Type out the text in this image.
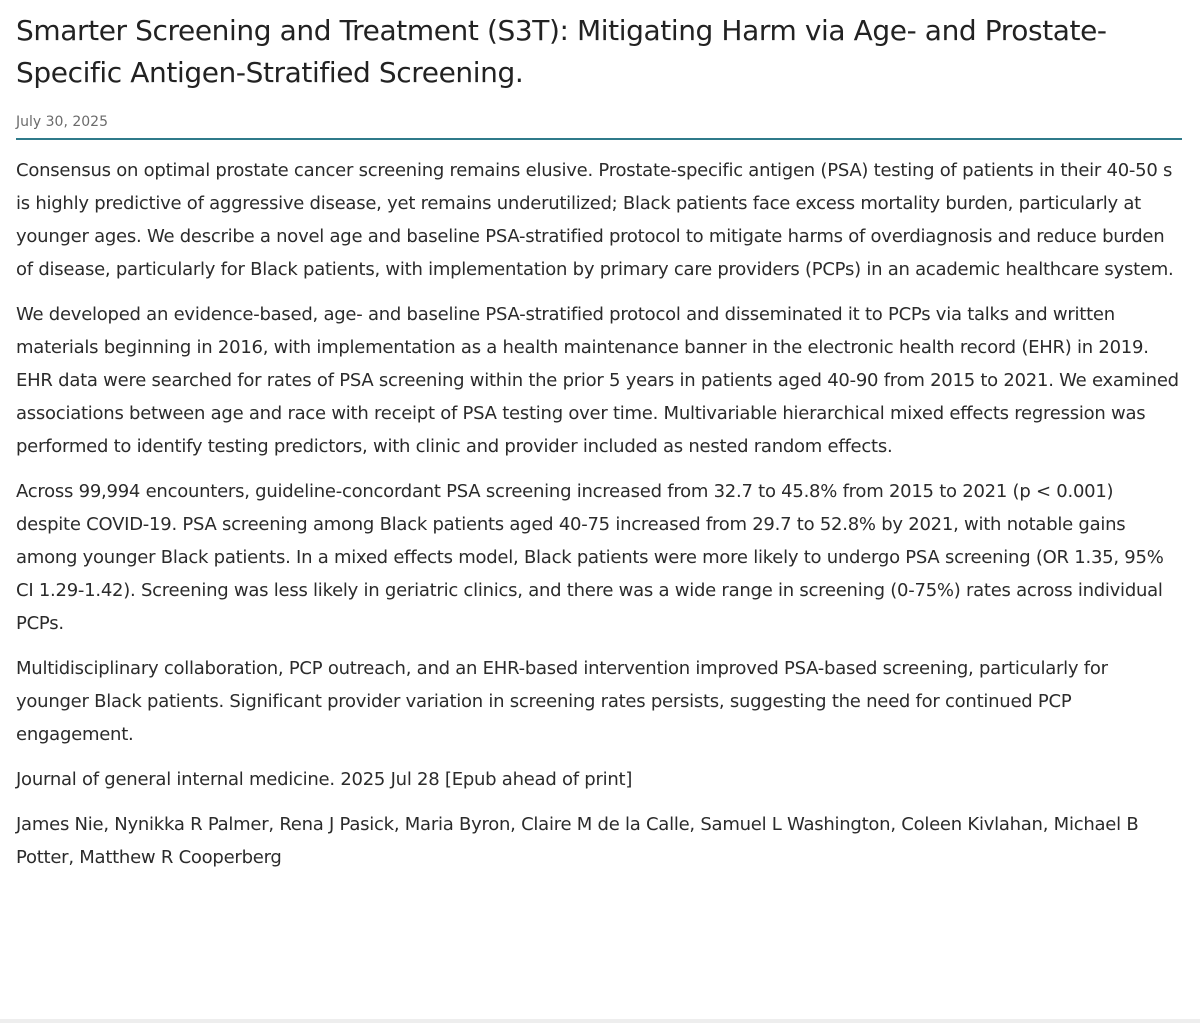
Smarter Screening and Treatment (S3T): Mitigating Harm via Age- and Prostate-Specific Antigen-Stratified Screening.
July 30, 2025

Consensus on optimal prostate cancer screening remains elusive. Prostate-specific antigen (PSA) testing of patients in their 40-50 s is highly predictive of aggressive disease, yet remains underutilized; Black patients face excess mortality burden, particularly at younger ages. We describe a novel age and baseline PSA-stratified protocol to mitigate harms of overdiagnosis and reduce burden of disease, particularly for Black patients, with implementation by primary care providers (PCPs) in an academic healthcare system.

We developed an evidence-based, age- and baseline PSA-stratified protocol and disseminated it to PCPs via talks and written materials beginning in 2016, with implementation as a health maintenance banner in the electronic health record (EHR) in 2019. EHR data were searched for rates of PSA screening within the prior 5 years in patients aged 40-90 from 2015 to 2021. We examined associations between age and race with receipt of PSA testing over time. Multivariable hierarchical mixed effects regression was performed to identify testing predictors, with clinic and provider included as nested random effects.

Across 99,994 encounters, guideline-concordant PSA screening increased from 32.7 to 45.8% from 2015 to 2021 (p < 0.001) despite COVID-19. PSA screening among Black patients aged 40-75 increased from 29.7 to 52.8% by 2021, with notable gains among younger Black patients. In a mixed effects model, Black patients were more likely to undergo PSA screening (OR 1.35, 95% CI 1.29-1.42). Screening was less likely in geriatric clinics, and there was a wide range in screening (0-75%) rates across individual PCPs.

Multidisciplinary collaboration, PCP outreach, and an EHR-based intervention improved PSA-based screening, particularly for younger Black patients. Significant provider variation in screening rates persists, suggesting the need for continued PCP engagement.

Journal of general internal medicine. 2025 Jul 28 [Epub ahead of print]

James Nie, Nynikka R Palmer, Rena J Pasick, Maria Byron, Claire M de la Calle, Samuel L Washington, Coleen Kivlahan, Michael B Potter, Matthew R Cooperberg
